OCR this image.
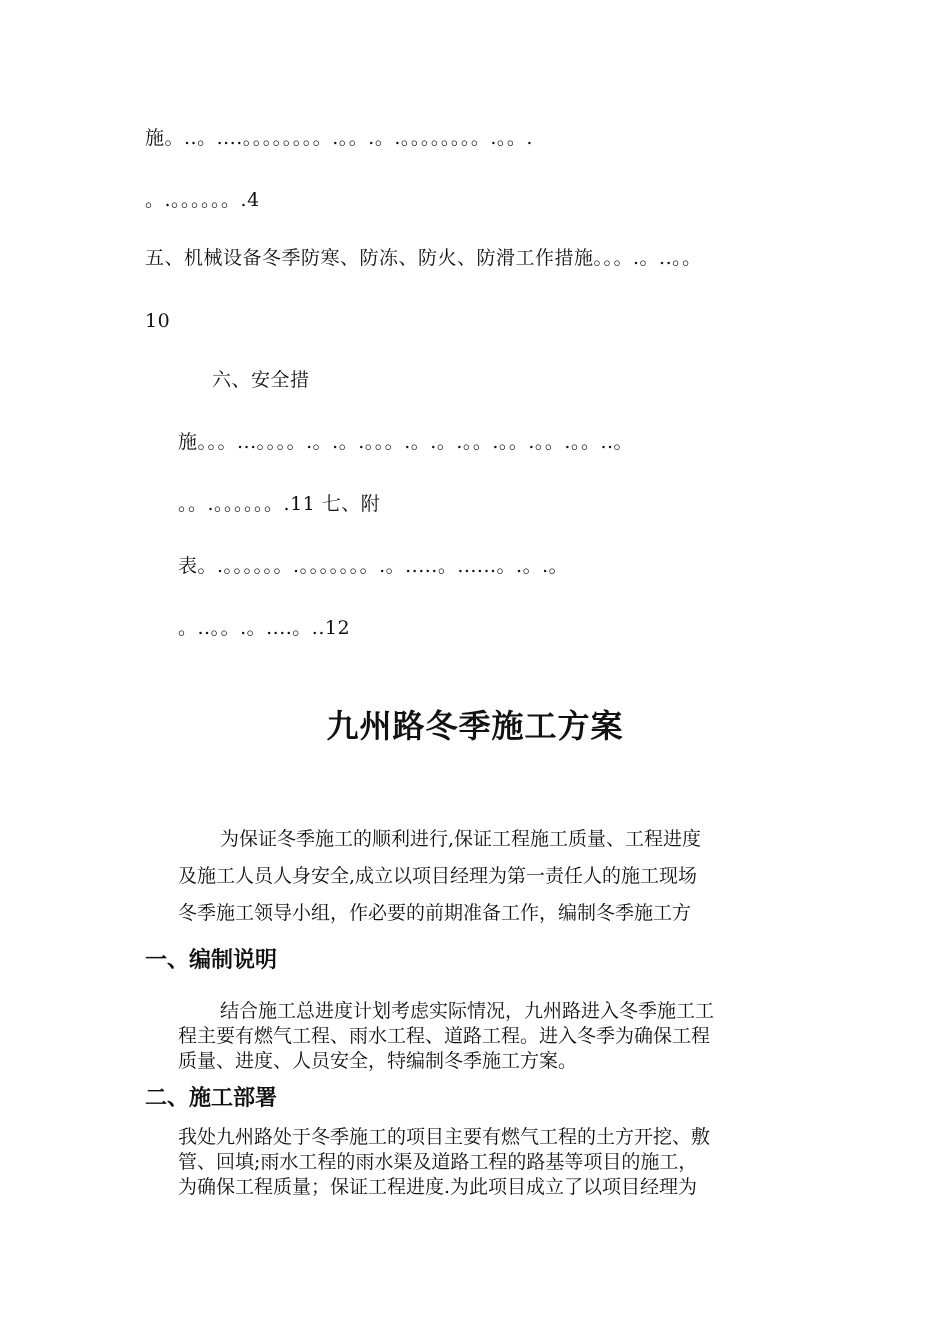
施。..。....。。。。。。。。.。。.。.。。。。。。。。.。。.
。.。。。。。。.4
五、机械设备冬季防寒、防冻、防火、防滑工作措施。。。.。..。。
10
六、安全措
施。。。...。。。。.。.。.。。。.。.。.。。.。。.。。.。。..。
。。.。。。。。。.11 七、附
表。.。。。。。。.。。。。。。。.。.....。......。.。.。
。..。。.。....。..12
九州路冬季施工方案
为保证冬季施工的顺利进行,保证工程施工质量、工程进度
及施工人员人身安全,成立以项目经理为第一责任人的施工现场
冬季施工领导小组，作必要的前期准备工作，编制冬季施工方
一、编制说明
结合施工总进度计划考虑实际情况，九州路进入冬季施工工
程主要有燃气工程、雨水工程、道路工程。进入冬季为确保工程
质量、进度、人员安全，特编制冬季施工方案。
二、施工部署
我处九州路处于冬季施工的项目主要有燃气工程的土方开挖、敷
管、回填;雨水工程的雨水渠及道路工程的路基等项目的施工，
为确保工程质量；保证工程进度.为此项目成立了以项目经理为
